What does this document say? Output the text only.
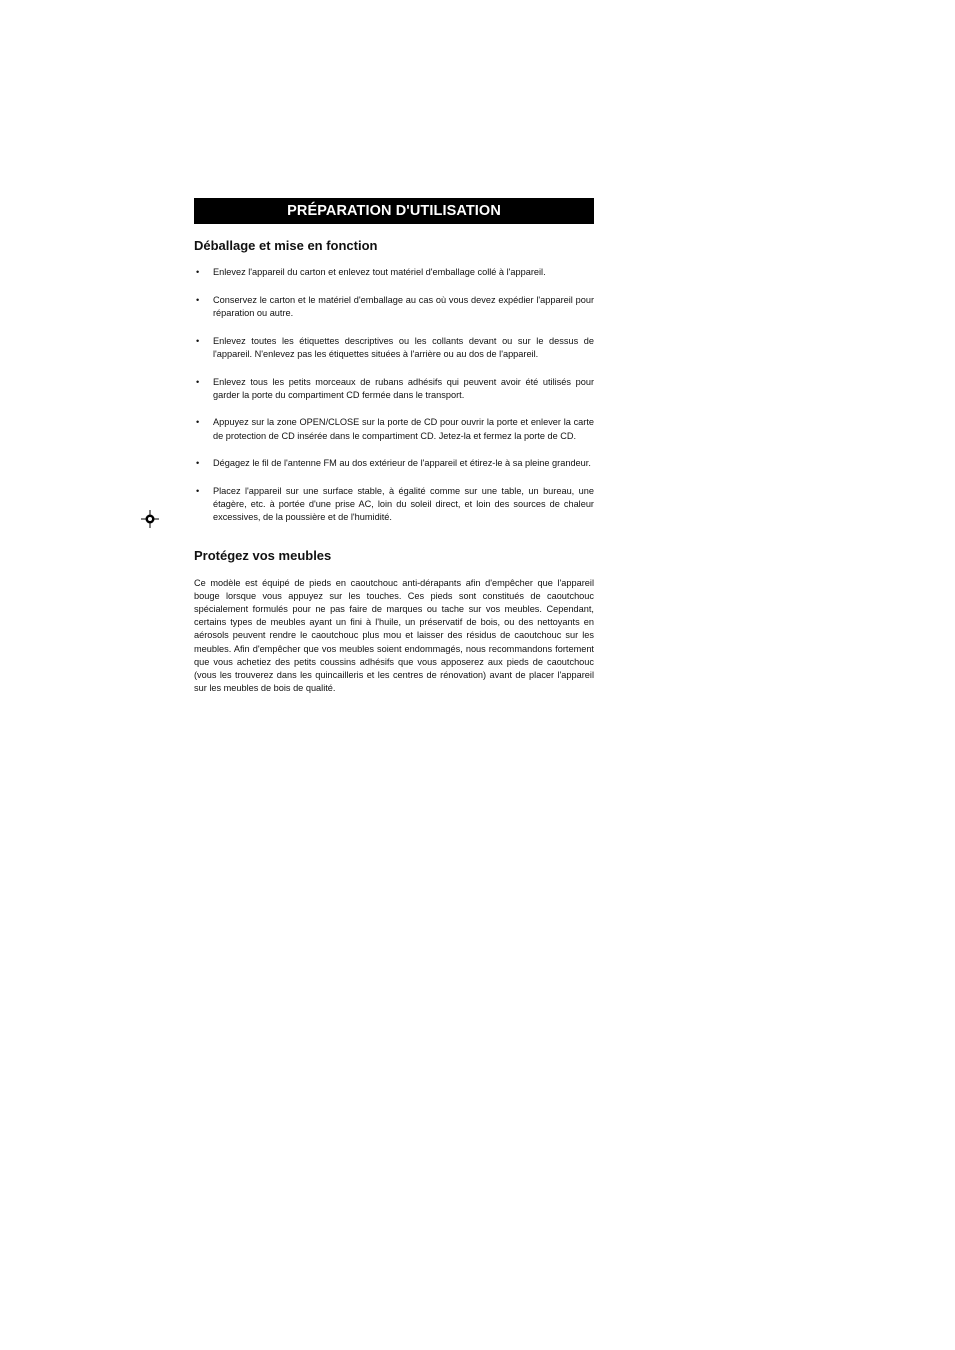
PRÉPARATION D'UTILISATION
Déballage et mise en fonction
• Enlevez l'appareil du carton et enlevez tout matériel d'emballage collé à l'appareil.
• Conservez le carton et le matériel d'emballage au cas où vous devez expédier l'appareil pour réparation ou autre.
• Enlevez toutes les étiquettes descriptives ou les collants devant ou sur le dessus de l'appareil. N'enlevez pas les étiquettes situées à l'arrière ou au dos de l'appareil.
• Enlevez tous les petits morceaux de rubans adhésifs qui peuvent avoir été utilisés pour garder la porte du compartiment CD fermée dans le transport.
• Appuyez sur la zone OPEN/CLOSE sur la porte de CD pour ouvrir la porte et enlever la carte de protection de CD insérée dans le compartiment CD. Jetez-la et fermez la porte de CD.
• Dégagez le fil de l'antenne FM au dos extérieur de l'appareil et étirez-le à sa pleine grandeur.
• Placez l'appareil sur une surface stable, à égalité comme sur une table, un bureau, une étagère, etc. à portée d'une prise AC, loin du soleil direct, et loin des sources de chaleur excessives, de la poussière et de l'humidité.
Protégez vos meubles

Ce modèle est équipé de pieds en caoutchouc anti-dérapants afin d'empêcher que l'appareil bouge lorsque vous appuyez sur les touches. Ces pieds sont constitués de caoutchouc spécialement formulés pour ne pas faire de marques ou tache sur vos meubles. Cependant, certains types de meubles ayant un fini à l'huile, un préservatif de bois, ou des nettoyants en aérosols peuvent rendre le caoutchouc plus mou et laisser des résidus de caoutchouc sur les meubles. Afin d'empêcher que vos meubles soient endommagés, nous recommandons fortement que vous achetiez des petits coussins adhésifs que vous apposerez aux pieds de caoutchouc (vous les trouverez dans les quincailleris et les centres de rénovation) avant de placer l'appareil sur les meubles de bois de qualité.
